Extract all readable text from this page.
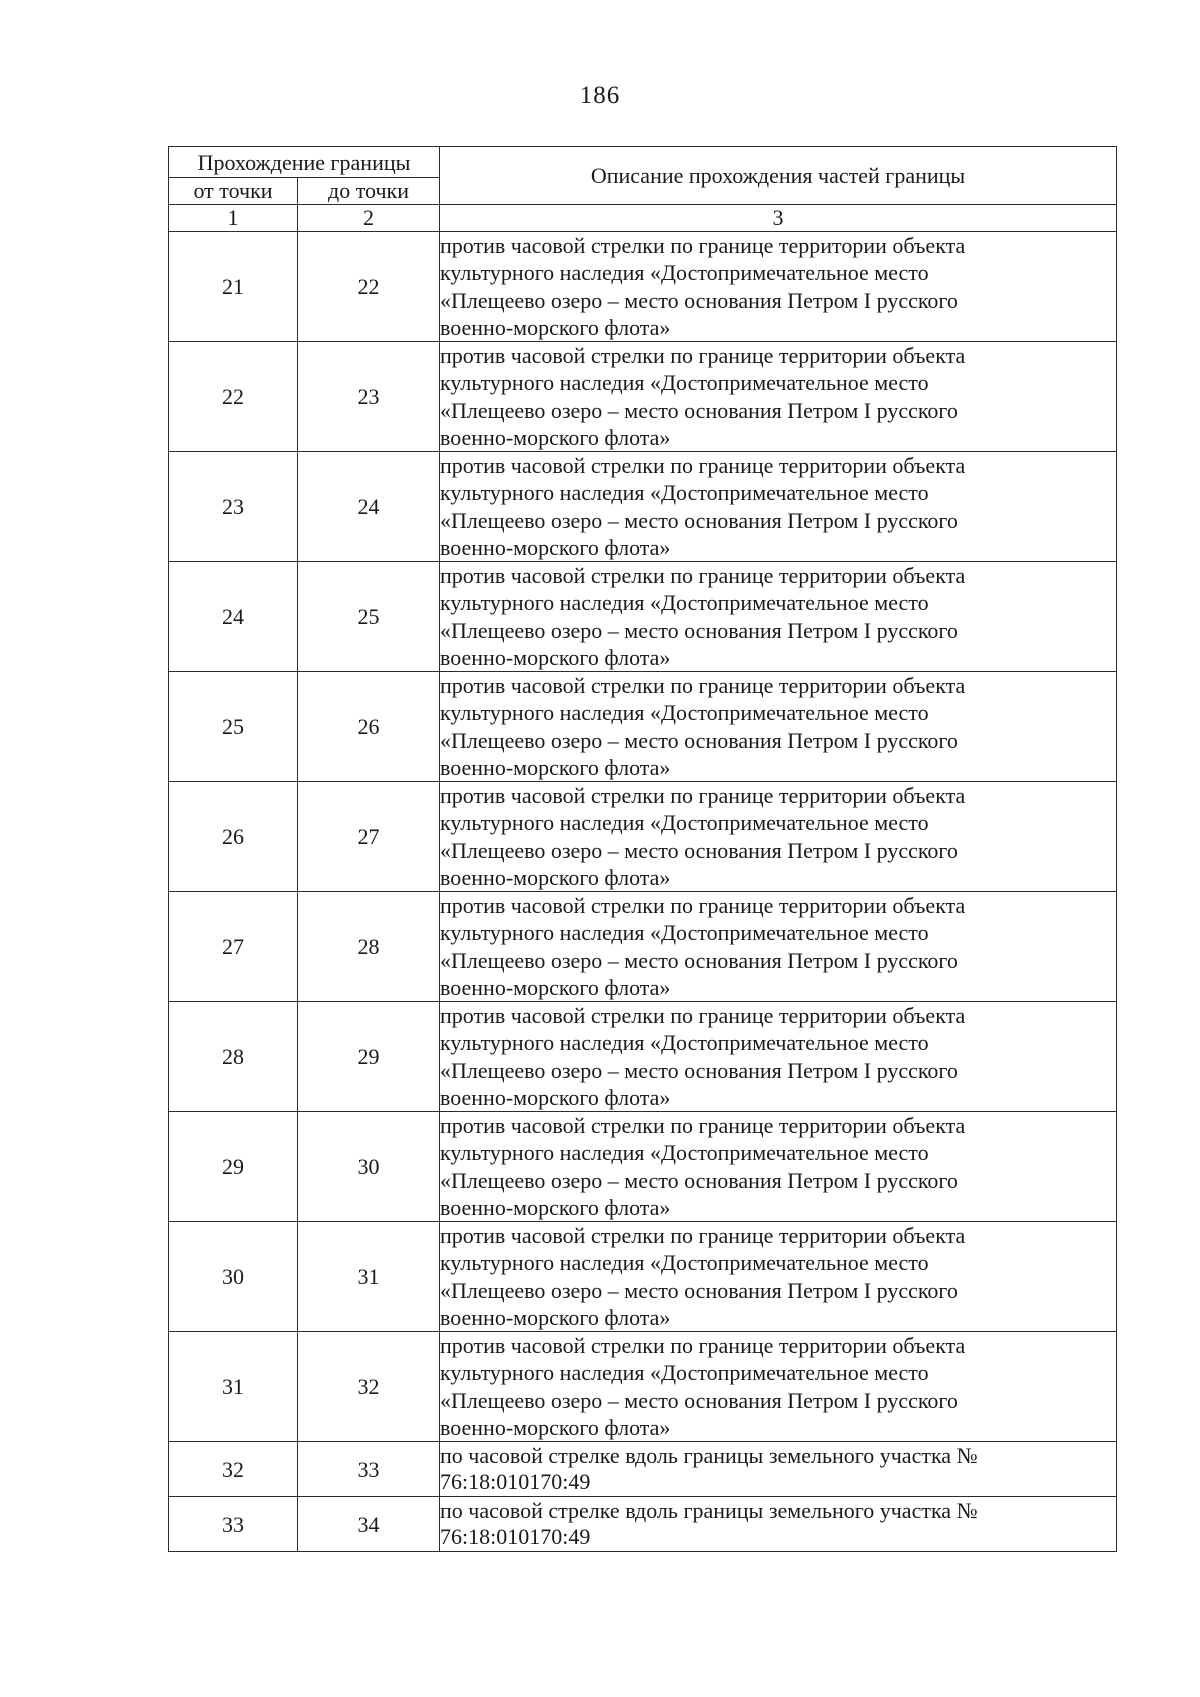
186
Прохождение границы		Описание прохождения частей границы
от точки	до точки	
1	2	3
21	22	против часовой стрелки по границе территории объекта
культурного наследия «Достопримечательное место
«Плещеево озеро – место основания Петром I русского
военно-морского флота»

22	23	против часовой стрелки по границе территории объекта
культурного наследия «Достопримечательное место
«Плещеево озеро – место основания Петром I русского
военно-морского флота»

23	24	против часовой стрелки по границе территории объекта
культурного наследия «Достопримечательное место
«Плещеево озеро – место основания Петром I русского
военно-морского флота»

24	25	против часовой стрелки по границе территории объекта
культурного наследия «Достопримечательное место
«Плещеево озеро – место основания Петром I русского
военно-морского флота»

25	26	против часовой стрелки по границе территории объекта
культурного наследия «Достопримечательное место
«Плещеево озеро – место основания Петром I русского
военно-морского флота»

26	27	против часовой стрелки по границе территории объекта
культурного наследия «Достопримечательное место
«Плещеево озеро – место основания Петром I русского
военно-морского флота»

27	28	против часовой стрелки по границе территории объекта
культурного наследия «Достопримечательное место
«Плещеево озеро – место основания Петром I русского
военно-морского флота»

28	29	против часовой стрелки по границе территории объекта
культурного наследия «Достопримечательное место
«Плещеево озеро – место основания Петром I русского
военно-морского флота»

29	30	против часовой стрелки по границе территории объекта
культурного наследия «Достопримечательное место
«Плещеево озеро – место основания Петром I русского
военно-морского флота»

30	31	против часовой стрелки по границе территории объекта
культурного наследия «Достопримечательное место
«Плещеево озеро – место основания Петром I русского
военно-морского флота»

31	32	против часовой стрелки по границе территории объекта
культурного наследия «Достопримечательное место
«Плещеево озеро – место основания Петром I русского
военно-морского флота»

32	33	по часовой стрелке вдоль границы земельного участка №
76:18:010170:49

33	34	по часовой стрелке вдоль границы земельного участка №
76:18:010170:49
